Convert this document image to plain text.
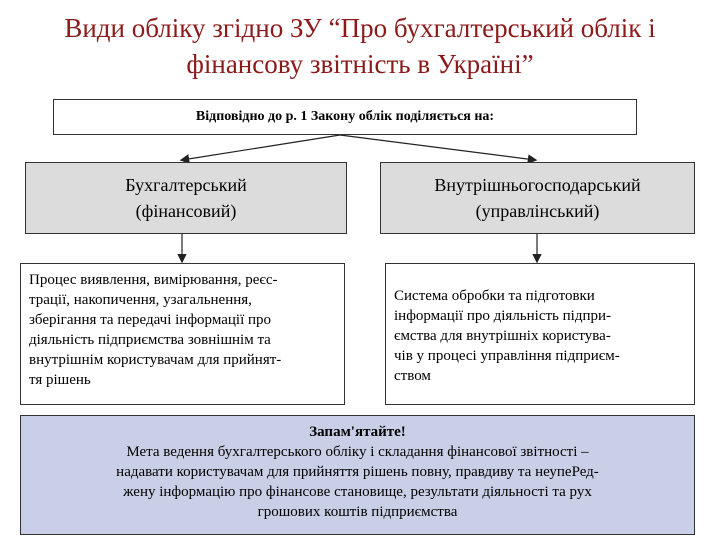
Види обліку згідно ЗУ “Про бухгалтерський облік і
фінансову звітність в Україні”
Відповідно до р. 1 Закону облік поділяється на:
Бухгалтерський
(фінансовий)
Внутрішньогосподарський
(управлінський)
Процес виявлення, вимірювання, реєс-
трації, накопичення, узагальнення,
зберігання та передачі інформації про
діяльність підприємства зовнішнім та
внутрішнім користувачам для прийнят-
тя рішень
Система обробки та підготовки
інформації про діяльність підпри-
ємства для внутрішніх користува-
чів у процесі управління підприєм-
ством
Запам'ятайте!
Мета ведення бухгалтерського обліку і складання фінансової звітності –
надавати користувачам для прийняття рішень повну, правдиву та неупеРед-
жену інформацію про фінансове становище, результати діяльності та рух
грошових коштів підприємства
